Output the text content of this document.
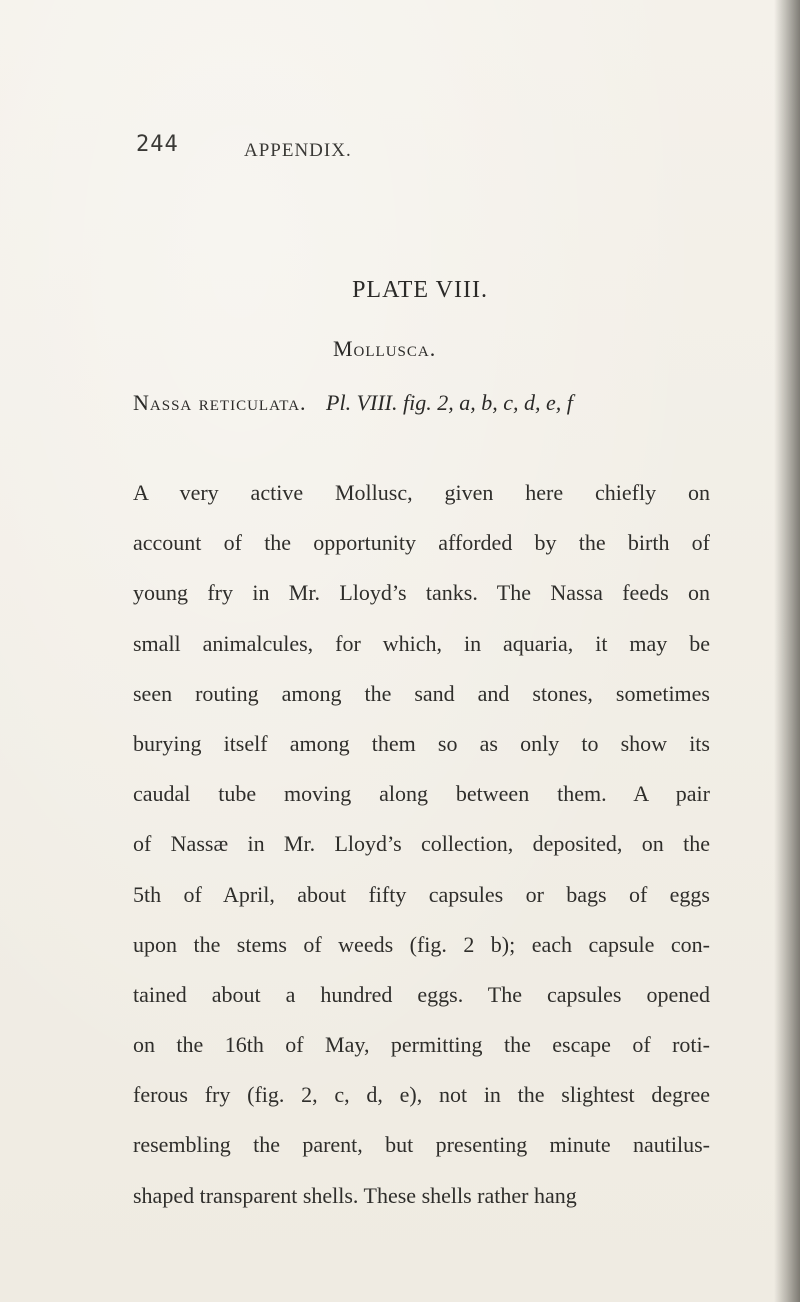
244	APPENDIX.
PLATE VIII.
Mollusca.
Nassa reticulata. Pl. VIII. fig. 2, a, b, c, d, e, f
A very active Mollusc, given here chiefly on
account of the opportunity afforded by the birth of
young fry in Mr. Lloyd’s tanks. The Nassa feeds on
small animalcules, for which, in aquaria, it may be
seen routing among the sand and stones, sometimes
burying itself among them so as only to show its
caudal tube moving along between them. A pair
of Nassæ in Mr. Lloyd’s collection, deposited, on the
5th of April, about fifty capsules or bags of eggs
upon the stems of weeds (fig. 2 b); each capsule con-
tained about a hundred eggs. The capsules opened
on the 16th of May, permitting the escape of roti-
ferous fry (fig. 2, c, d, e), not in the slightest degree
resembling the parent, but presenting minute nautilus-
shaped transparent shells. These shells rather hang
